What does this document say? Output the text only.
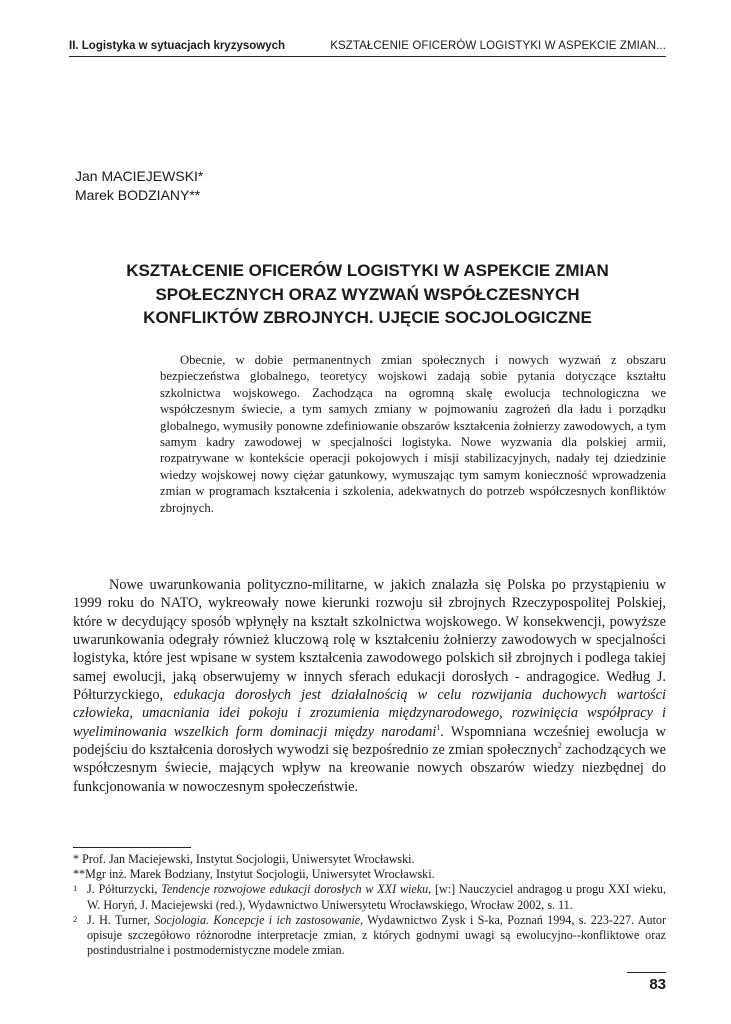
II. Logistyka w sytuacjach kryzysowych	KSZTAŁCENIE OFICERÓW LOGISTYKI W ASPEKCIE ZMIAN...
Jan MACIEJEWSKI*
Marek BODZIANY**
KSZTAŁCENIE OFICERÓW LOGISTYKI W ASPEKCIE ZMIAN
SPOŁECZNYCH ORAZ WYZWAŃ WSPÓŁCZESNYCH
KONFLIKTÓW ZBROJNYCH. UJĘCIE SOCJOLOGICZNE
Obecnie, w dobie permanentnych zmian społecznych i nowych wyzwań z obszaru bezpieczeństwa globalnego, teoretycy wojskowi zadają sobie pytania dotyczące kształtu szkolnictwa wojskowego. Zachodząca na ogromną skalę ewolucja technologiczna we współczesnym świecie, a tym samych zmiany w pojmowaniu zagrożeń dla ładu i porządku globalnego, wymusiły ponowne zdefiniowanie obszarów kształcenia żołnierzy zawodowych, a tym samym kadry zawodowej w specjalności logistyka. Nowe wyzwania dla polskiej armii, rozpatrywane w kontekście operacji pokojowych i misji stabilizacyjnych, nadały tej dziedzinie wiedzy wojskowej nowy ciężar gatunkowy, wymuszając tym samym konieczność wprowadzenia zmian w programach kształcenia i szkolenia, adekwatnych do potrzeb współczesnych konfliktów zbrojnych.
Nowe uwarunkowania polityczno-militarne, w jakich znalazła się Polska po przystąpieniu w 1999 roku do NATO, wykreowały nowe kierunki rozwoju sił zbrojnych Rzeczypospolitej Polskiej, które w decydujący sposób wpłynęły na kształt szkolnictwa wojskowego. W konsekwencji, powyższe uwarunkowania odegrały również kluczową rolę w kształceniu żołnierzy zawodowych w specjalności logistyka, które jest wpisane w system kształcenia zawodowego polskich sił zbrojnych i podlega takiej samej ewolucji, jaką obserwujemy w innych sferach edukacji dorosłych - andragogice. Według J. Półturzyckiego, edukacja dorosłych jest działalnością w celu rozwijania duchowych wartości człowieka, umacniania idei pokoju i zrozumienia międzynarodowego, rozwinięcia współpracy i wyeliminowania wszelkich form dominacji między narodami$^1$. Wspomniana wcześniej ewolucja w podejściu do kształcenia dorosłych wywodzi się bezpośrednio ze zmian społecznych$^2$ zachodzących we współczesnym świecie, mających wpływ na kreowanie nowych obszarów wiedzy niezbędnej do funkcjonowania w nowoczesnym społeczeństwie.
* Prof. Jan Maciejewski, Instytut Socjologii, Uniwersytet Wrocławski.
**Mgr inż. Marek Bodziany, Instytut Socjologii, Uniwersytet Wrocławski.
1 J. Półturzycki, Tendencje rozwojowe edukacji dorosłych w XXI wieku, [w:] Nauczyciel andragog u progu XXI wieku, W. Horyń, J. Maciejewski (red.), Wydawnictwo Uniwersytetu Wrocławskiego, Wrocław 2002, s. 11.
2 J. H. Turner, Socjologia. Koncepcje i ich zastosowanie, Wydawnictwo Zysk i S-ka, Poznań 1994, s. 223-227. Autor opisuje szczegółowo różnorodne interpretacje zmian, z których godnymi uwagi są ewolucyjno--konfliktowe oraz postindustrialne i postmodernistyczne modele zmian.
83
